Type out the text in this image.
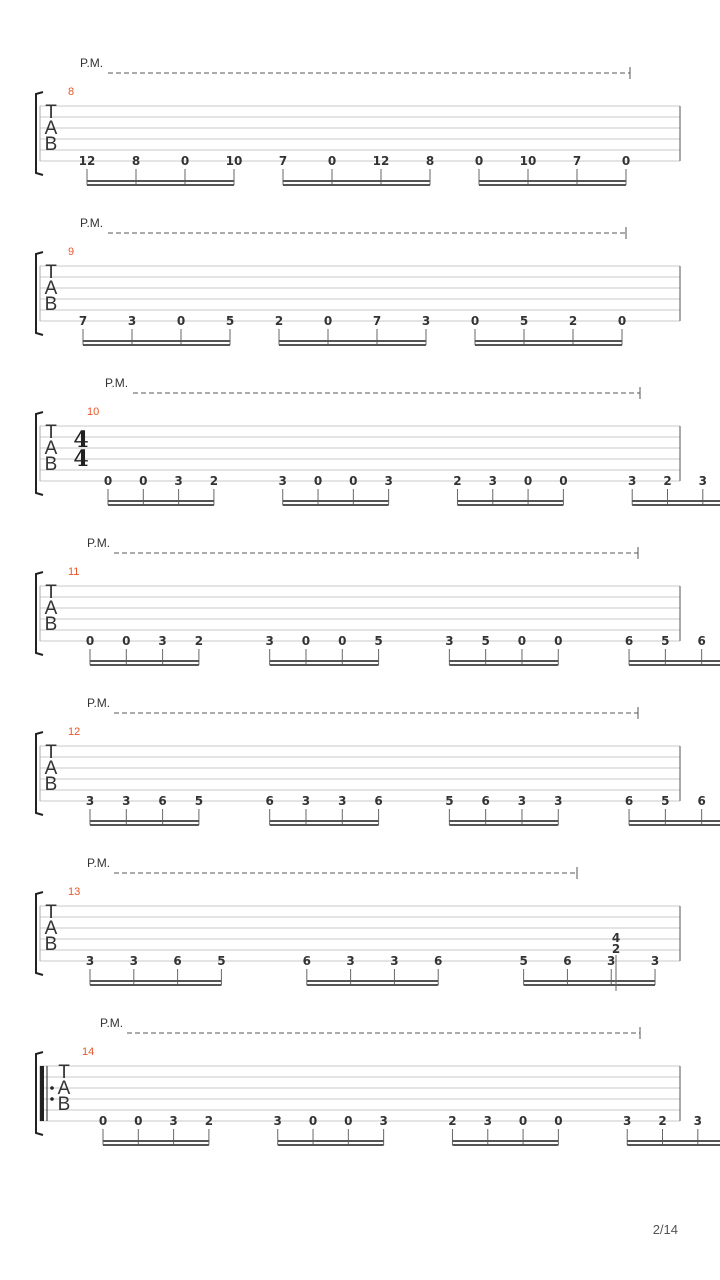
P.M.
8
T
A
B
12	8	0	10	7	0	12	8	0	10	7	0
P.M.
9
T
A
B
7	3	0	5	2	0	7	3	0	5	2	0
P.M.
10
T
A
B
4
4
0 0 3 2	3 0 0 3	2 3 0 0	3 2 3
P.M.
11
T
A
B
0 0 3 2	3 0 0 5	3 5 0 0	6 5 6
P.M.
12
T
A
B
3 3 6 5	6 3 3 6	5 6 3 3	6 5 6
P.M.
13
T
A
B
3	3	6	5	6	3	3	6	5	6	3	3
4
2
P.M.
14
T
A
B
0 0 3 2	3 0 0 3	2 3 0 0	3 2 3
2/14
